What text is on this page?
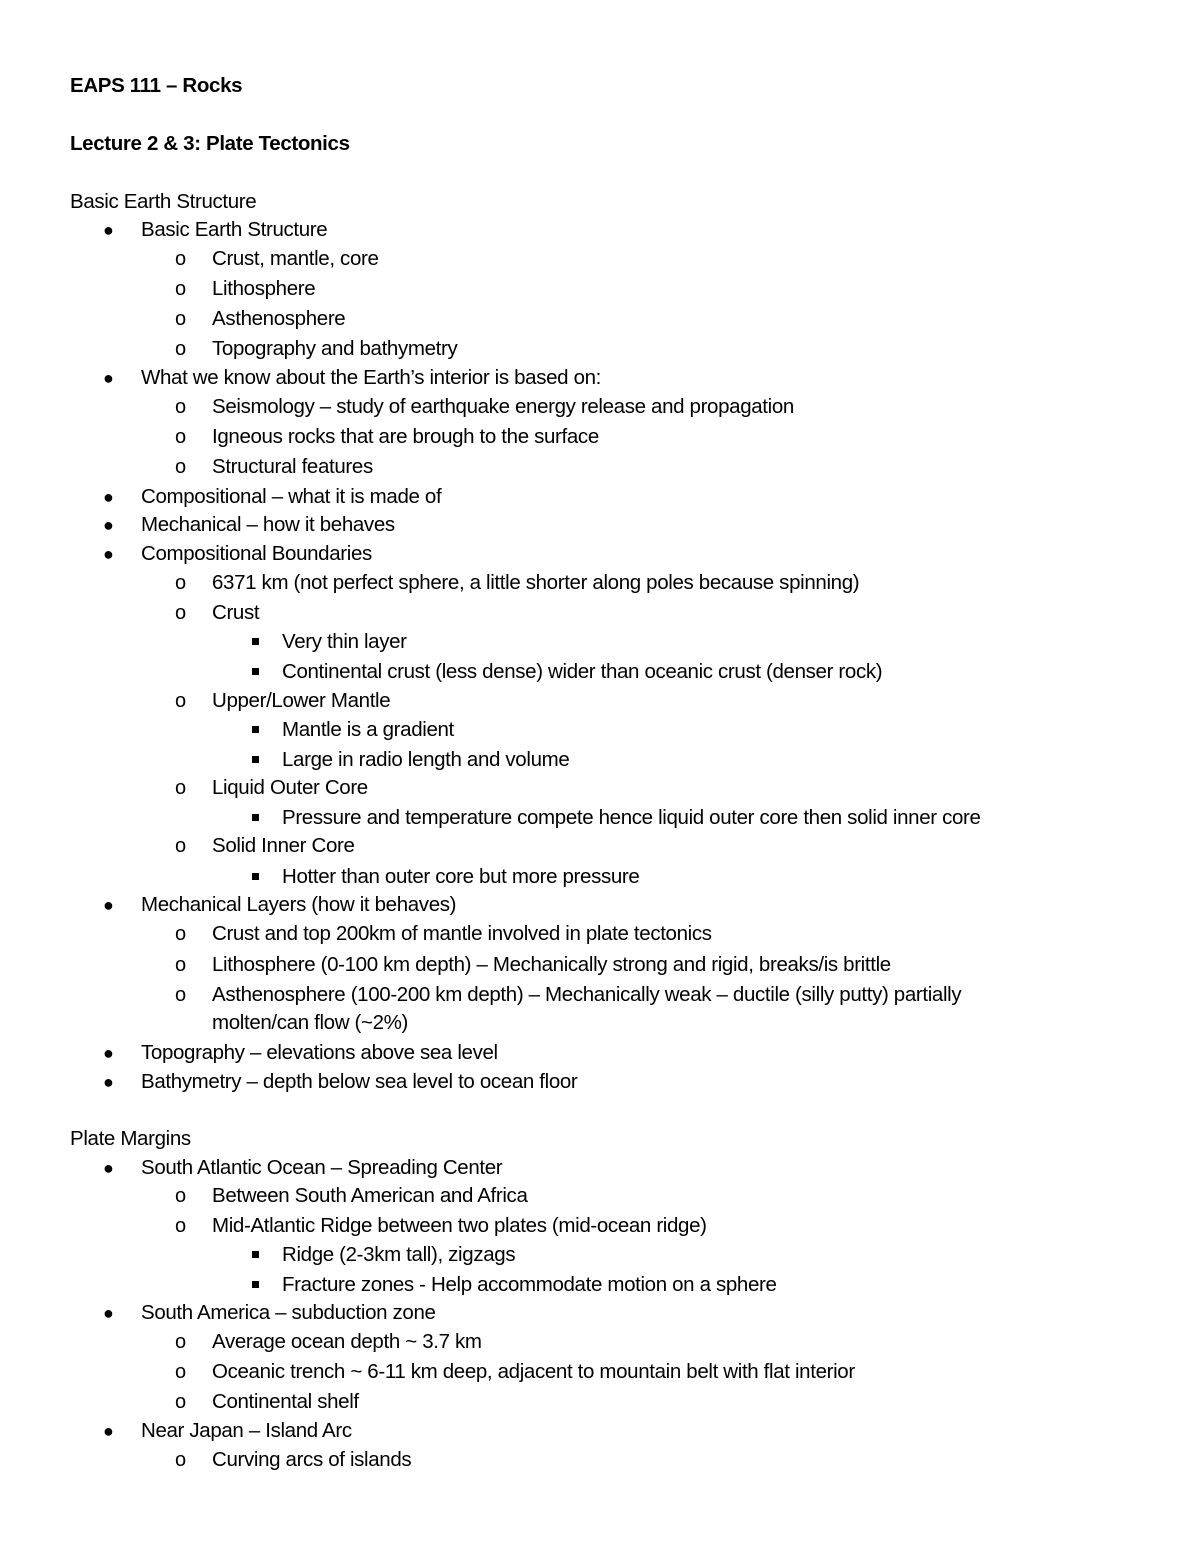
EAPS 111 – Rocks
Lecture 2 & 3: Plate Tectonics
Basic Earth Structure
●
Basic Earth Structure
o
Crust, mantle, core
o
Lithosphere
o
Asthenosphere
o
Topography and bathymetry
●
What we know about the Earth’s interior is based on:
o
Seismology – study of earthquake energy release and propagation
o
Igneous rocks that are brough to the surface
o
Structural features
●
Compositional – what it is made of
●
Mechanical – how it behaves
●
Compositional Boundaries
o
6371 km (not perfect sphere, a little shorter along poles because spinning)
o
Crust
Very thin layer
Continental crust (less dense) wider than oceanic crust (denser rock)
o
Upper/Lower Mantle
Mantle is a gradient
Large in radio length and volume
o
Liquid Outer Core
Pressure and temperature compete hence liquid outer core then solid inner core
o
Solid Inner Core
Hotter than outer core but more pressure
●
Mechanical Layers (how it behaves)
o
Crust and top 200km of mantle involved in plate tectonics
o
Lithosphere (0-100 km depth) – Mechanically strong and rigid, breaks/is brittle
o
Asthenosphere (100-200 km depth) – Mechanically weak – ductile (silly putty) partially
molten/can flow (~2%)
●
Topography – elevations above sea level
●
Bathymetry – depth below sea level to ocean floor
Plate Margins
●
South Atlantic Ocean – Spreading Center
o
Between South American and Africa
o
Mid-Atlantic Ridge between two plates (mid-ocean ridge)
Ridge (2-3km tall), zigzags
Fracture zones - Help accommodate motion on a sphere
●
South America – subduction zone
o
Average ocean depth ~ 3.7 km
o
Oceanic trench ~ 6-11 km deep, adjacent to mountain belt with flat interior
o
Continental shelf
●
Near Japan – Island Arc
o
Curving arcs of islands
